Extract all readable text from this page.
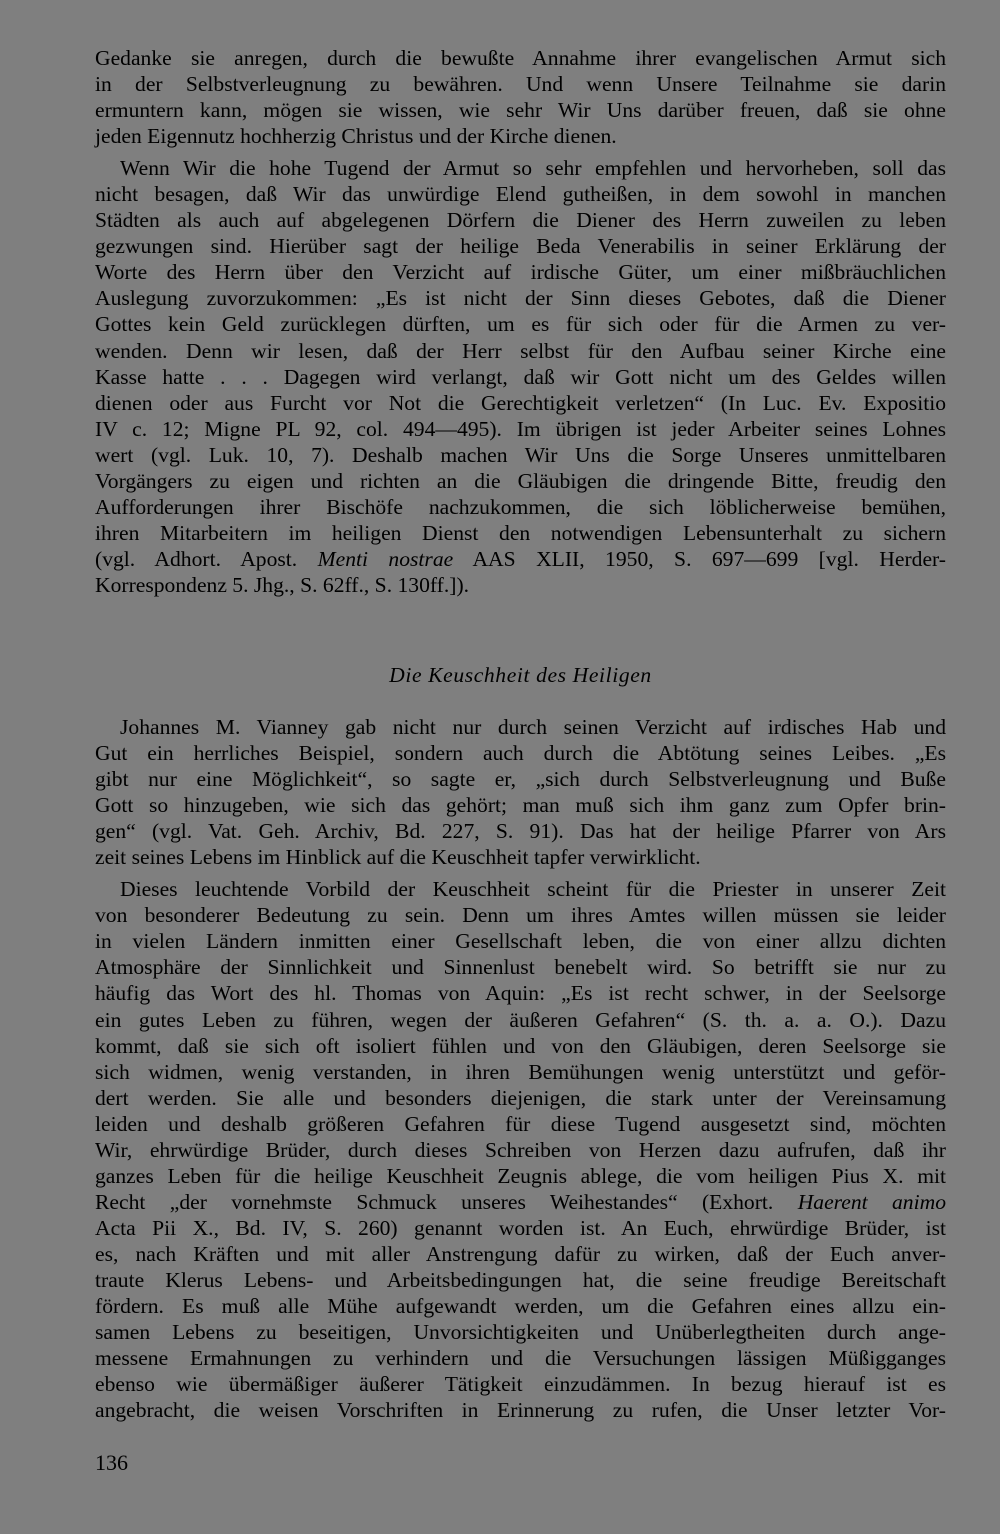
Gedanke sie anregen, durch die bewußte Annahme ihrer evangelischen Armut sich
in der Selbstverleugnung zu bewähren. Und wenn Unsere Teilnahme sie darin
ermuntern kann, mögen sie wissen, wie sehr Wir Uns darüber freuen, daß sie ohne
jeden Eigennutz hochherzig Christus und der Kirche dienen.

Wenn Wir die hohe Tugend der Armut so sehr empfehlen und hervorheben, soll das
nicht besagen, daß Wir das unwürdige Elend gutheißen, in dem sowohl in manchen
Städten als auch auf abgelegenen Dörfern die Diener des Herrn zuweilen zu leben
gezwungen sind. Hierüber sagt der heilige Beda Venerabilis in seiner Erklärung der
Worte des Herrn über den Verzicht auf irdische Güter, um einer mißbräuchlichen
Auslegung zuvorzukommen: „Es ist nicht der Sinn dieses Gebotes, daß die Diener
Gottes kein Geld zurücklegen dürften, um es für sich oder für die Armen zu ver-
wenden. Denn wir lesen, daß der Herr selbst für den Aufbau seiner Kirche eine
Kasse hatte . . . Dagegen wird verlangt, daß wir Gott nicht um des Geldes willen
dienen oder aus Furcht vor Not die Gerechtigkeit verletzen“ (In Luc. Ev. Expositio
IV c. 12; Migne PL 92, col. 494—495). Im übrigen ist jeder Arbeiter seines Lohnes
wert (vgl. Luk. 10, 7). Deshalb machen Wir Uns die Sorge Unseres unmittelbaren
Vorgängers zu eigen und richten an die Gläubigen die dringende Bitte, freudig den
Aufforderungen ihrer Bischöfe nachzukommen, die sich löblicherweise bemühen,
ihren Mitarbeitern im heiligen Dienst den notwendigen Lebensunterhalt zu sichern
(vgl. Adhort. Apost. Menti nostrae AAS XLII, 1950, S. 697—699 [vgl. Herder-
Korrespondenz 5. Jhg., S. 62ff., S. 130ff.]).

Die Keuschheit des Heiligen

Johannes M. Vianney gab nicht nur durch seinen Verzicht auf irdisches Hab und
Gut ein herrliches Beispiel, sondern auch durch die Abtötung seines Leibes. „Es
gibt nur eine Möglichkeit“, so sagte er, „sich durch Selbstverleugnung und Buße
Gott so hinzugeben, wie sich das gehört; man muß sich ihm ganz zum Opfer brin-
gen“ (vgl. Vat. Geh. Archiv, Bd. 227, S. 91). Das hat der heilige Pfarrer von Ars
zeit seines Lebens im Hinblick auf die Keuschheit tapfer verwirklicht.

Dieses leuchtende Vorbild der Keuschheit scheint für die Priester in unserer Zeit
von besonderer Bedeutung zu sein. Denn um ihres Amtes willen müssen sie leider
in vielen Ländern inmitten einer Gesellschaft leben, die von einer allzu dichten
Atmosphäre der Sinnlichkeit und Sinnenlust benebelt wird. So betrifft sie nur zu
häufig das Wort des hl. Thomas von Aquin: „Es ist recht schwer, in der Seelsorge
ein gutes Leben zu führen, wegen der äußeren Gefahren“ (S. th. a. a. O.). Dazu
kommt, daß sie sich oft isoliert fühlen und von den Gläubigen, deren Seelsorge sie
sich widmen, wenig verstanden, in ihren Bemühungen wenig unterstützt und geför-
dert werden. Sie alle und besonders diejenigen, die stark unter der Vereinsamung
leiden und deshalb größeren Gefahren für diese Tugend ausgesetzt sind, möchten
Wir, ehrwürdige Brüder, durch dieses Schreiben von Herzen dazu aufrufen, daß ihr
ganzes Leben für die heilige Keuschheit Zeugnis ablege, die vom heiligen Pius X. mit
Recht „der vornehmste Schmuck unseres Weihestandes“ (Exhort. Haerent animo
Acta Pii X., Bd. IV, S. 260) genannt worden ist. An Euch, ehrwürdige Brüder, ist
es, nach Kräften und mit aller Anstrengung dafür zu wirken, daß der Euch anver-
traute Klerus Lebens- und Arbeitsbedingungen hat, die seine freudige Bereitschaft
fördern. Es muß alle Mühe aufgewandt werden, um die Gefahren eines allzu ein-
samen Lebens zu beseitigen, Unvorsichtigkeiten und Unüberlegtheiten durch ange-
messene Ermahnungen zu verhindern und die Versuchungen lässigen Müßigganges
ebenso wie übermäßiger äußerer Tätigkeit einzudämmen. In bezug hierauf ist es
angebracht, die weisen Vorschriften in Erinnerung zu rufen, die Unser letzter Vor-

136
